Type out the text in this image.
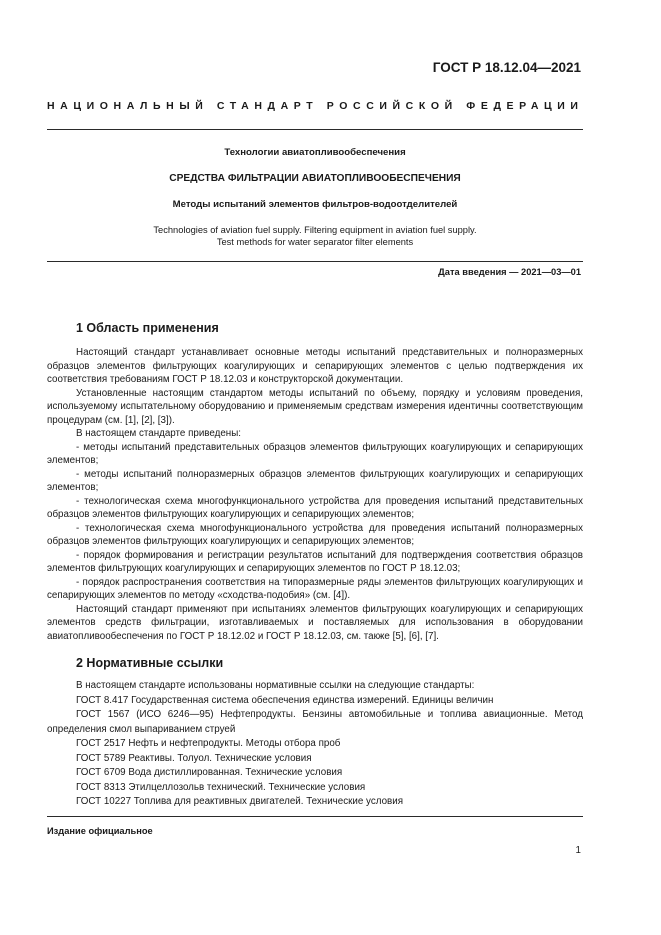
ГОСТ Р 18.12.04—2021
НАЦИОНАЛЬНЫЙ СТАНДАРТ РОССИЙСКОЙ ФЕДЕРАЦИИ
Технологии авиатопливообеспечения
СРЕДСТВА ФИЛЬТРАЦИИ АВИАТОПЛИВООБЕСПЕЧЕНИЯ
Методы испытаний элементов фильтров-водоотделителей
Technologies of aviation fuel supply. Filtering equipment in aviation fuel supply.
Test methods for water separator filter elements
Дата введения — 2021—03—01
1 Область применения

Настоящий стандарт устанавливает основные методы испытаний представительных и полноразмерных образцов элементов фильтрующих коагулирующих и сепарирующих элементов с целью подтверждения их соответствия требованиям ГОСТ Р 18.12.03 и конструкторской документации.

Установленные настоящим стандартом методы испытаний по объему, порядку и условиям проведения, используемому испытательному оборудованию и применяемым средствам измерения идентичны соответствующим процедурам (см. [1], [2], [3]).

В настоящем стандарте приведены:

- методы испытаний представительных образцов элементов фильтрующих коагулирующих и сепарирующих элементов;

- методы испытаний полноразмерных образцов элементов фильтрующих коагулирующих и сепарирующих элементов;

- технологическая схема многофункционального устройства для проведения испытаний представительных образцов элементов фильтрующих коагулирующих и сепарирующих элементов;

- технологическая схема многофункционального устройства для проведения испытаний полноразмерных образцов элементов фильтрующих коагулирующих и сепарирующих элементов;

- порядок формирования и регистрации результатов испытаний для подтверждения соответствия образцов элементов фильтрующих коагулирующих и сепарирующих элементов по ГОСТ Р 18.12.03;

- порядок распространения соответствия на типоразмерные ряды элементов фильтрующих коагулирующих и сепарирующих элементов по методу «сходства-подобия» (см. [4]).

Настоящий стандарт применяют при испытаниях элементов фильтрующих коагулирующих и сепарирующих элементов средств фильтрации, изготавливаемых и поставляемых для использования в оборудовании авиатопливообеспечения по ГОСТ Р 18.12.02 и ГОСТ Р 18.12.03, см. также [5], [6], [7].

2 Нормативные ссылки

В настоящем стандарте использованы нормативные ссылки на следующие стандарты:

ГОСТ 8.417 Государственная система обеспечения единства измерений. Единицы величин

ГОСТ 1567 (ИСО 6246—95) Нефтепродукты. Бензины автомобильные и топлива авиационные. Метод определения смол выпариванием струей

ГОСТ 2517 Нефть и нефтепродукты. Методы отбора проб

ГОСТ 5789 Реактивы. Толуол. Технические условия

ГОСТ 6709 Вода дистиллированная. Технические условия

ГОСТ 8313 Этилцеллозольв технический. Технические условия

ГОСТ 10227 Топлива для реактивных двигателей. Технические условия

Издание официальное
1
